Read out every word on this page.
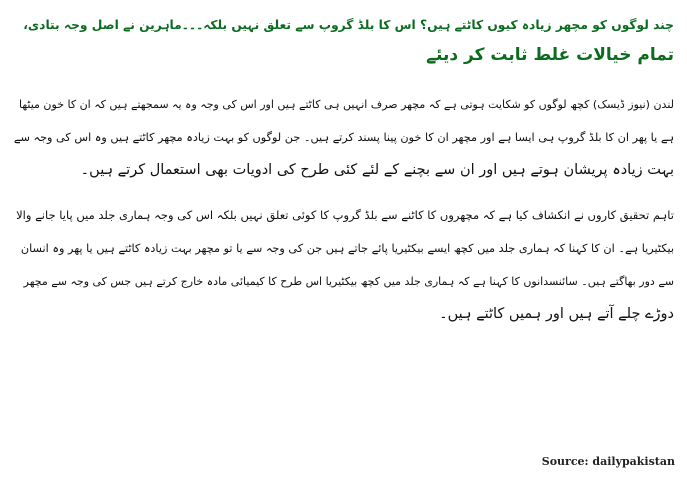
چند لوگوں کو مچھر زیادہ کیوں کاٹتے ہیں؟ اس کا بلڈ گروپ سے تعلق نہیں بلکہ۔۔۔ماہرین نے اصل وجہ بتادی،
تمام خیالات غلط ثابت کر دیئے

لندن (نیوز ڈیسک) کچھ لوگوں کو شکایت ہوتی ہے کہ مچھر صرف انہیں ہی کاٹتے ہیں اور اس کی وجہ وہ یہ سمجھتے ہیں کہ ان کا خون میٹھا
ہے یا پھر ان کا بلڈ گروپ ہی ایسا ہے اور مچھر ان کا خون پینا پسند کرتے ہیں۔ جن لوگوں کو بہت زیادہ مچھر کاٹتے ہیں وہ اس کی وجہ سے
بہت زیادہ پریشان ہوتے ہیں اور ان سے بچنے کے لئے کئی طرح کی ادویات بھی استعمال کرتے ہیں۔

تاہم تحقیق کاروں نے انکشاف کیا ہے کہ مچھروں کا کاٹنے سے بلڈ گروپ کا کوئی تعلق نہیں بلکہ اس کی وجہ ہماری جلد میں پایا جانے والا
بیکٹیریا ہے۔ ان کا کہنا کہ ہماری جلد میں کچھ ایسے بیکٹیریا پائے جاتے ہیں جن کی وجہ سے یا تو مچھر بہت زیادہ کاٹتے ہیں یا پھر وہ انسان
سے دور بھاگتے ہیں۔ سائنسدانوں کا کہنا ہے کہ ہماری جلد میں کچھ بیکٹیریا اس طرح کا کیمیائی مادہ خارج کرتے ہیں جس کی وجہ سے مچھر
دوڑے چلے آتے ہیں اور ہمیں کاٹتے ہیں۔

Source: dailypakistan
